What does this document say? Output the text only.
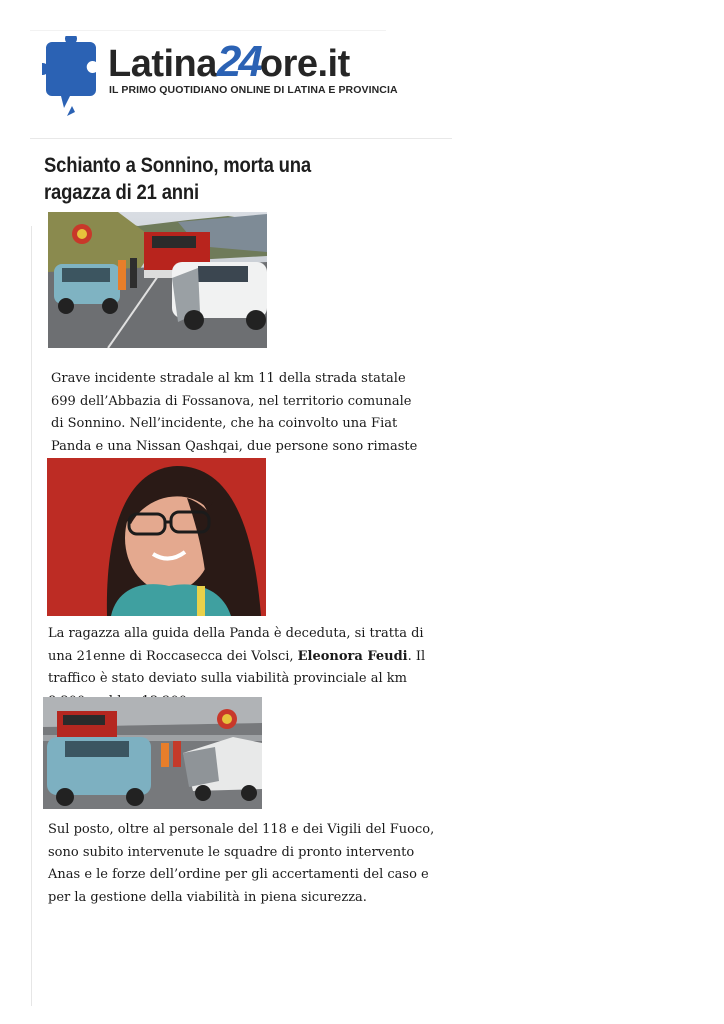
Latina24ore.it
IL PRIMO QUOTIDIANO ONLINE DI LATINA E PROVINCIA
Schianto a Sonnino, morta una ragazza di 21 anni

Grave incidente stradale al km 11 della strada statale 699 dell’Abbazia di Fossanova, nel territorio comunale di Sonnino. Nell’incidente, che ha coinvolto una Fiat Panda e una Nissan Qashqai, due persone sono rimaste

La ragazza alla guida della Panda è deceduta, si tratta di una 21enne di Roccasecca dei Volsci, Eleonora Feudi. Il traffico è stato deviato sulla viabilità provinciale al km

Sul posto, oltre al personale del 118 e dei Vigili del Fuoco, sono subito intervenute le squadre di pronto intervento Anas e le forze dell’ordine per gli accertamenti del caso e per la gestione della viabilità in piena sicurezza.
